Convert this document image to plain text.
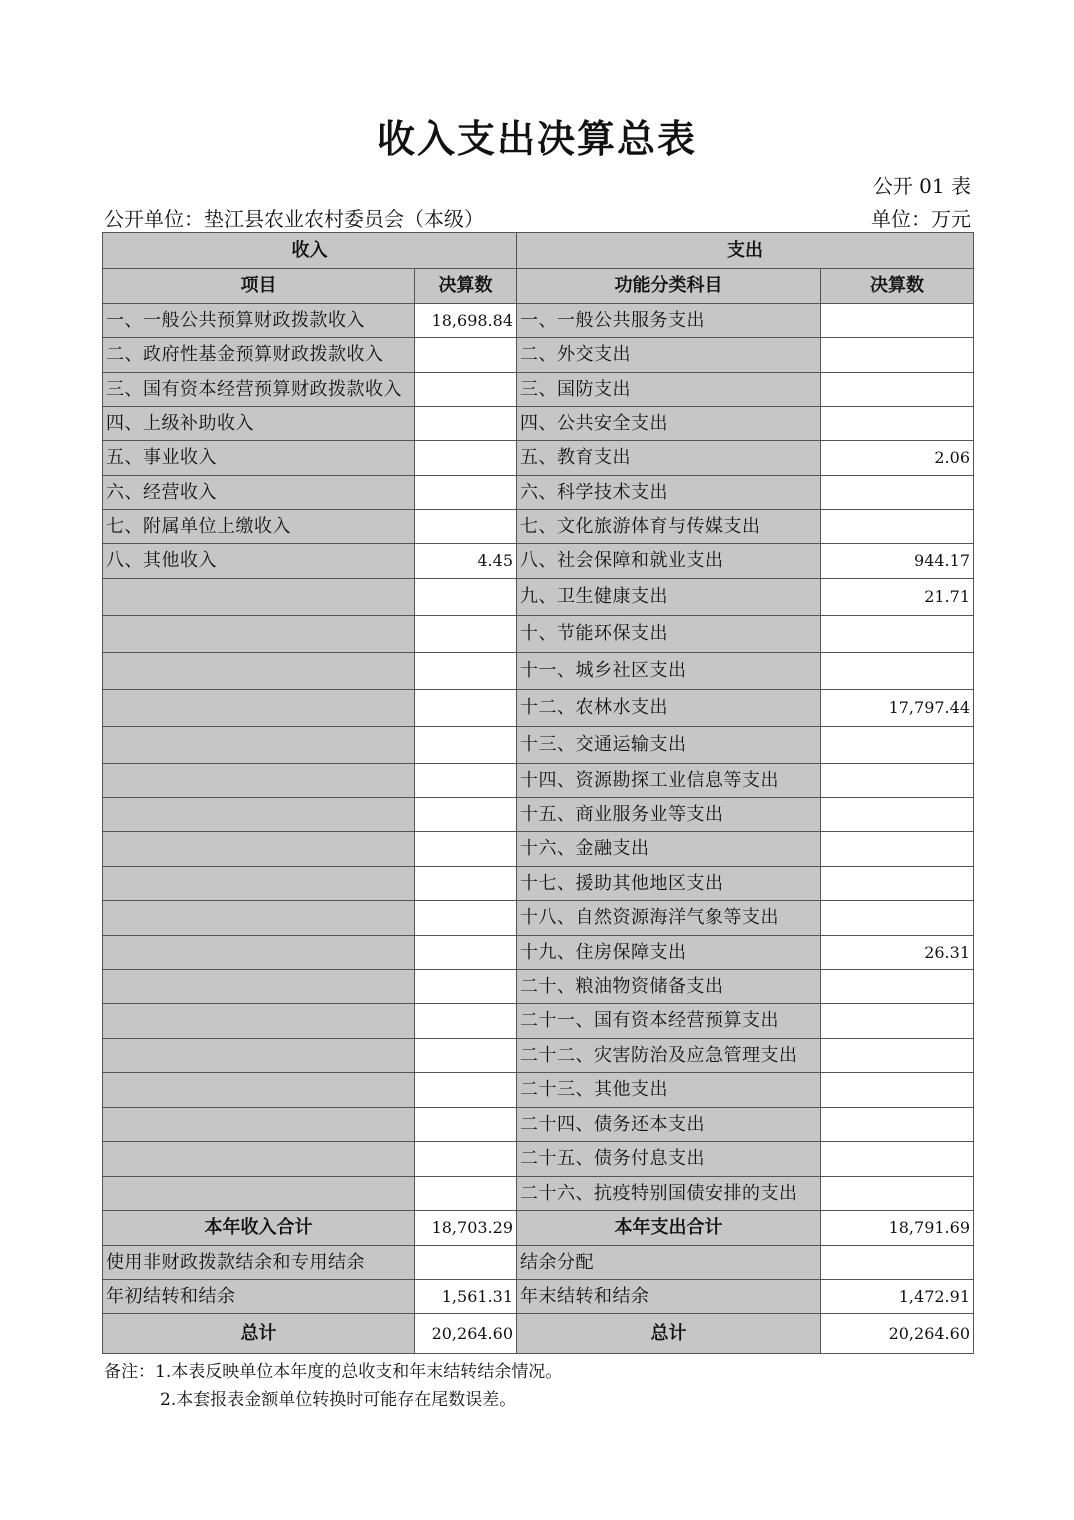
收入支出决算总表
公开 01 表
公开单位：垫江县农业农村委员会（本级）	单位：万元
收入		支出	
项目	决算数	功能分类科目	决算数
一、一般公共预算财政拨款收入	18,698.84	一、一般公共服务支出	
二、政府性基金预算财政拨款收入		二、外交支出	
三、国有资本经营预算财政拨款收入		三、国防支出	
四、上级补助收入		四、公共安全支出	
五、事业收入		五、教育支出	2.06
六、经营收入		六、科学技术支出	
七、附属单位上缴收入		七、文化旅游体育与传媒支出	
八、其他收入	4.45	八、社会保障和就业支出	944.17
		九、卫生健康支出	21.71
		十、节能环保支出	
		十一、城乡社区支出	
		十二、农林水支出	17,797.44
		十三、交通运输支出	
		十四、资源勘探工业信息等支出	
		十五、商业服务业等支出	
		十六、金融支出	
		十七、援助其他地区支出	
		十八、自然资源海洋气象等支出	
		十九、住房保障支出	26.31
		二十、粮油物资储备支出	
		二十一、国有资本经营预算支出	
		二十二、灾害防治及应急管理支出	
		二十三、其他支出	
		二十四、债务还本支出	
		二十五、债务付息支出	
		二十六、抗疫特别国债安排的支出	
本年收入合计	18,703.29	本年支出合计	18,791.69
使用非财政拨款结余和专用结余		结余分配	
年初结转和结余	1,561.31	年末结转和结余	1,472.91
总计	20,264.60	总计	20,264.60
备注：1.本表反映单位本年度的总收支和年末结转结余情况。
2.本套报表金额单位转换时可能存在尾数误差。
